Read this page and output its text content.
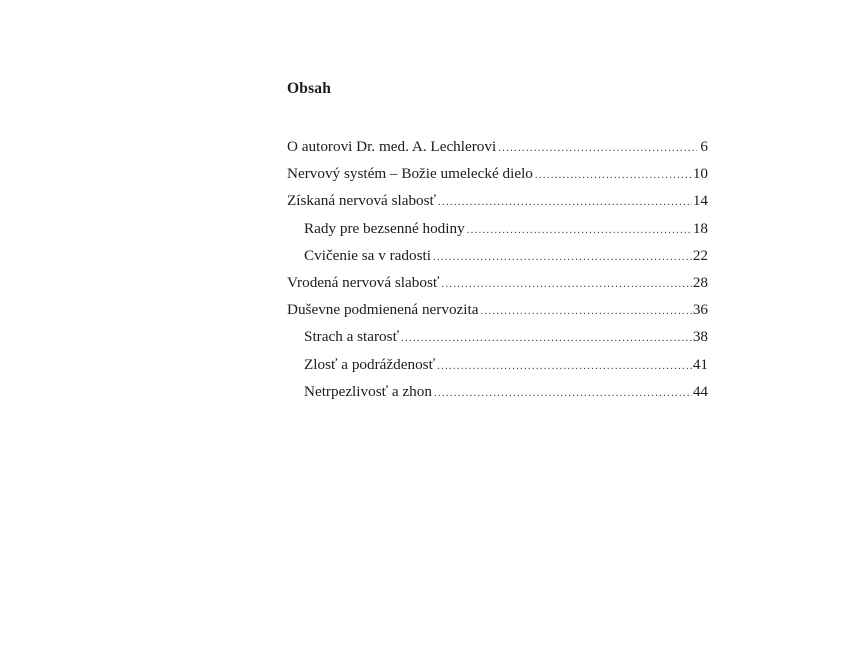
Obsah
O autorovi Dr. med. A. Lechlerovi .....	6
Nervový systém – Božie umelecké dielo .....	10
Získaná nervová slabosť .....	14
Rady pre bezsenné hodiny .....	18
Cvičenie sa v radosti .....	22
Vrodená nervová slabosť .....	28
Duševne podmienená nervozita .....	36
Strach a starosť .....	38
Zlosť a podráždenosť .....	41
Netrpezlivosť a zhon .....	44
